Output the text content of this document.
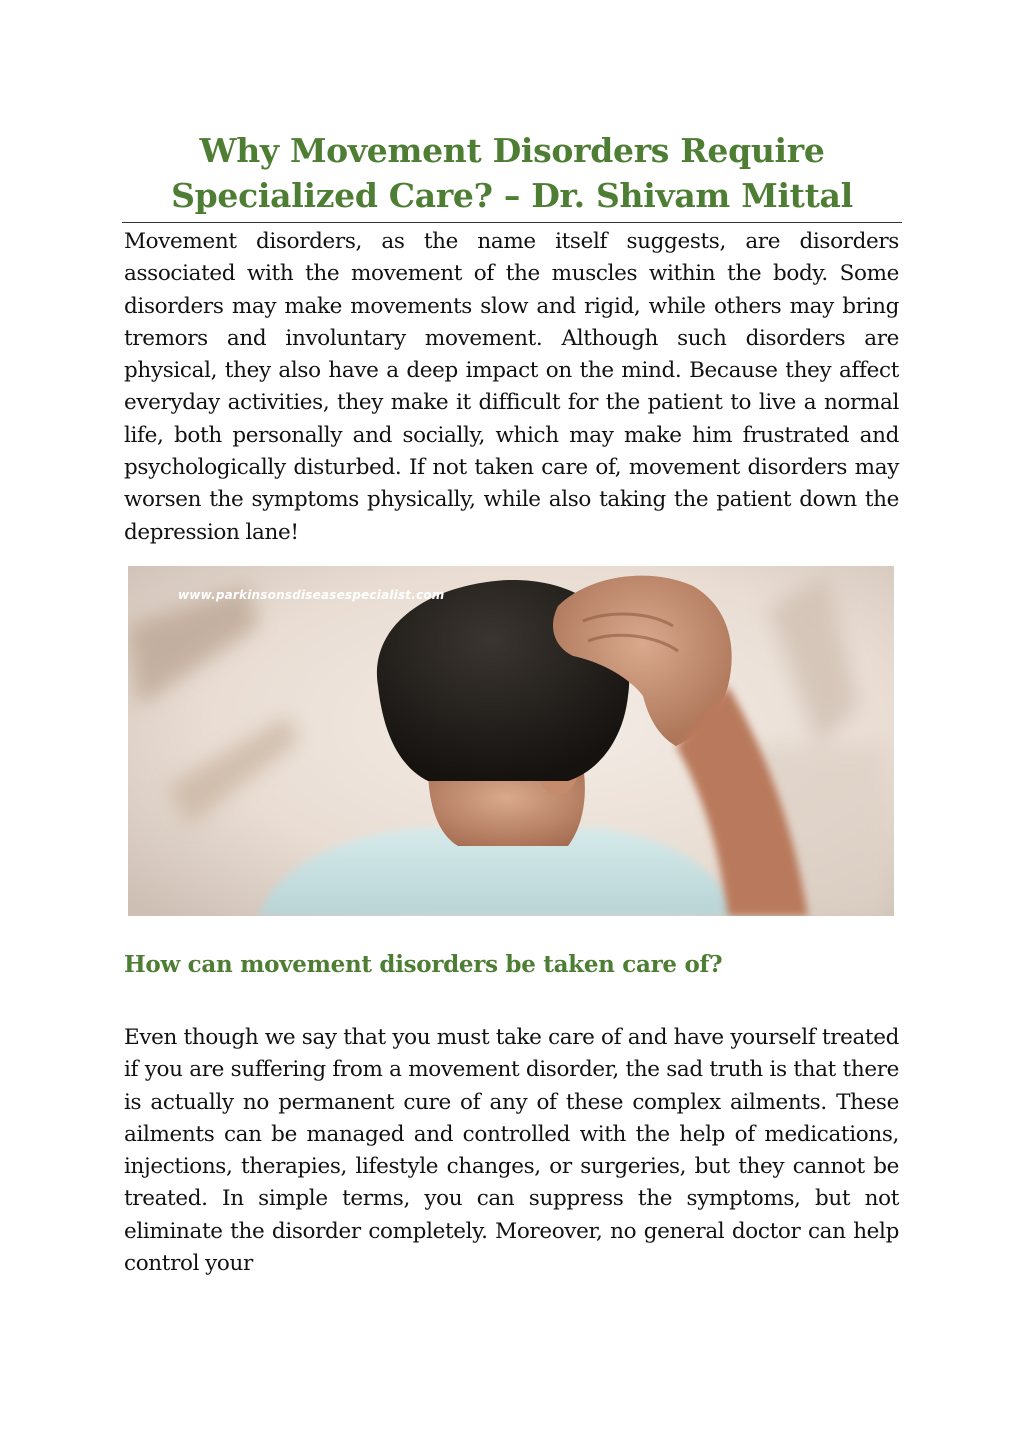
Why Movement Disorders Require Specialized Care? – Dr. Shivam Mittal

Movement disorders, as the name itself suggests, are disorders associated with the movement of the muscles within the body. Some disorders may make movements slow and rigid, while others may bring tremors and involuntary movement. Although such disorders are physical, they also have a deep impact on the mind. Because they affect everyday activities, they make it difficult for the patient to live a normal life, both personally and socially, which may make him frustrated and psychologically disturbed. If not taken care of, movement disorders may worsen the symptoms physically, while also taking the patient down the depression lane!

www.parkinsonsdiseasespecialist.com
How can movement disorders be taken care of?

Even though we say that you must take care of and have yourself treated if you are suffering from a movement disorder, the sad truth is that there is actually no permanent cure of any of these complex ailments. These ailments can be managed and controlled with the help of medications, injections, therapies, lifestyle changes, or surgeries, but they cannot be treated. In simple terms, you can suppress the symptoms, but not eliminate the disorder completely. Moreover, no general doctor can help control your
